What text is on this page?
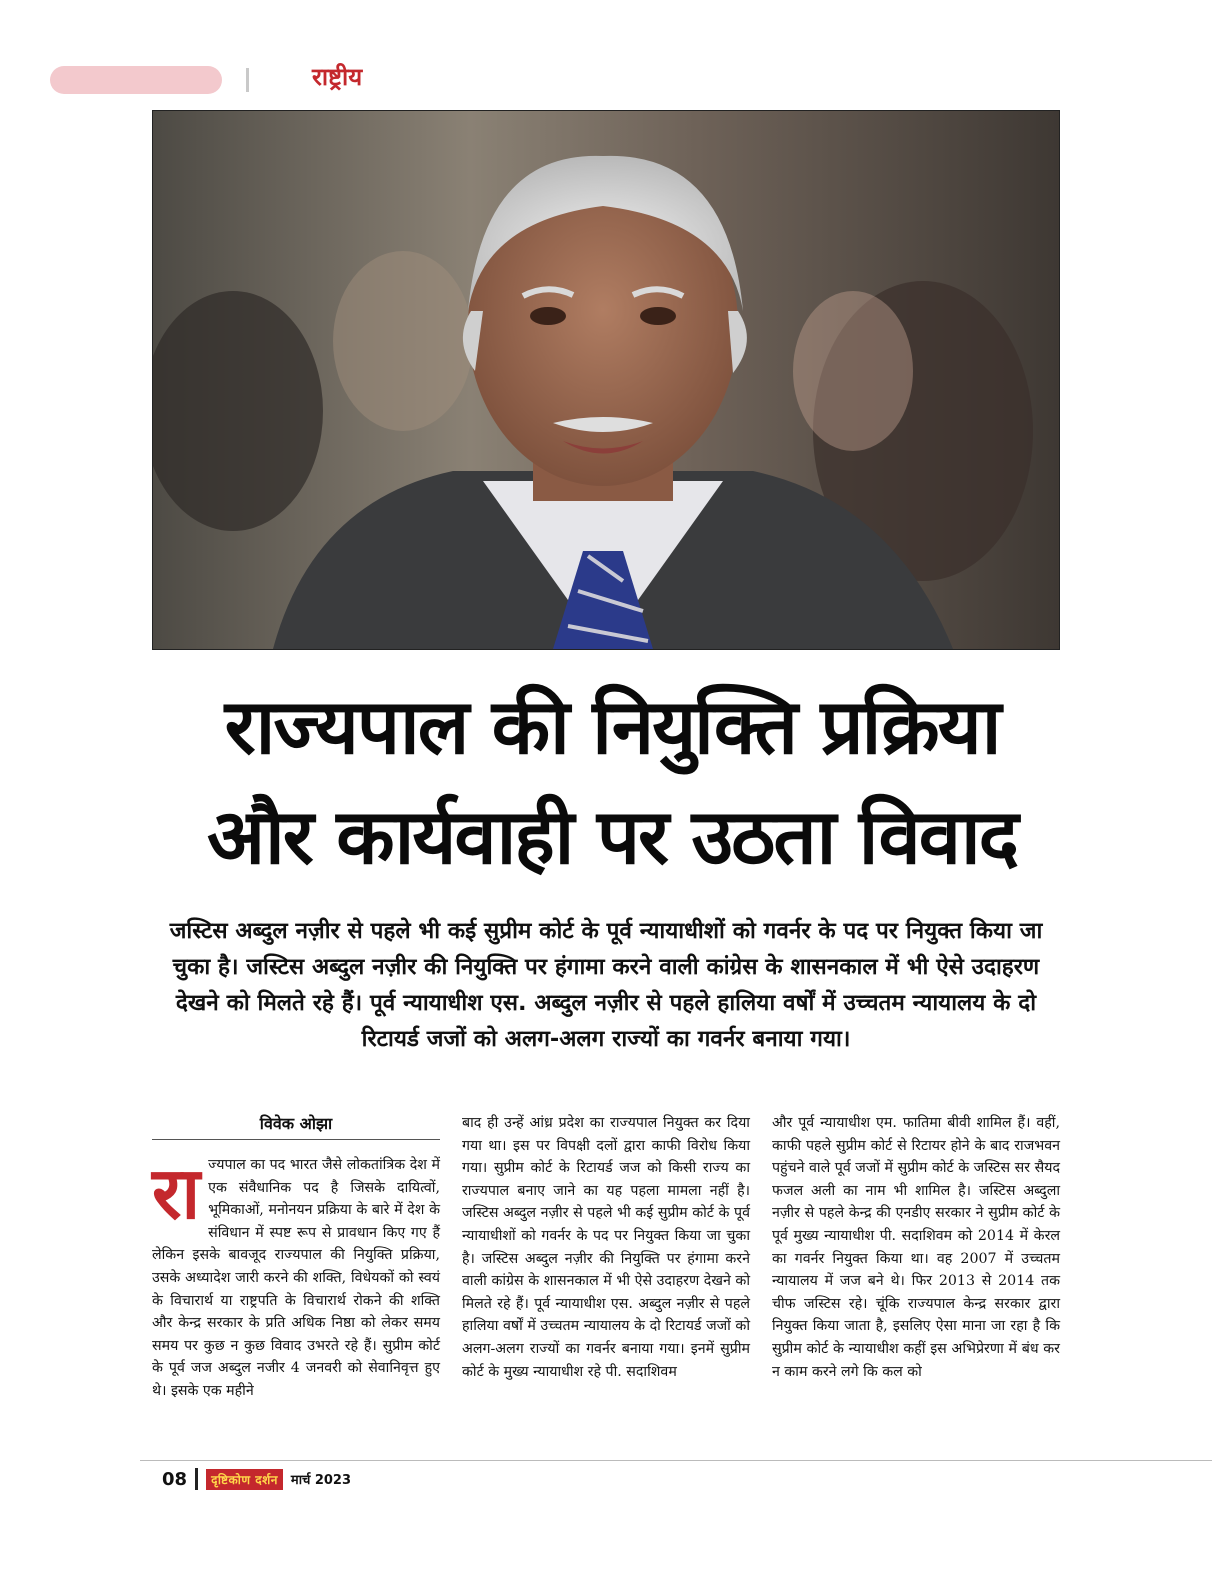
राष्ट्रीय
राज्यपाल की नियुक्ति प्रक्रिया
और कार्यवाही पर उठता विवाद

जस्टिस अब्दुल नज़ीर से पहले भी कई सुप्रीम कोर्ट के पूर्व न्यायाधीशों को गवर्नर के पद पर नियुक्त किया जा चुका है। जस्टिस अब्दुल नज़ीर की नियुक्ति पर हंगामा करने वाली कांग्रेस के शासनकाल में भी ऐसे उदाहरण देखने को मिलते रहे हैं। पूर्व न्यायाधीश एस. अब्दुल नज़ीर से पहले हालिया वर्षों में उच्चतम न्यायालय के दो रिटायर्ड जजों को अलग-अलग राज्यों का गवर्नर बनाया गया।

विवेक ओझा
रा ज्यपाल का पद भारत जैसे लोकतांत्रिक देश में एक संवैधानिक पद है जिसके दायित्वों, भूमिकाओं, मनोनयन प्रक्रिया के बारे में देश के संविधान में स्पष्ट रूप से प्रावधान किए गए हैं लेकिन इसके बावजूद राज्यपाल की नियुक्ति प्रक्रिया, उसके अध्यादेश जारी करने की शक्ति, विधेयकों को स्वयं के विचारार्थ या राष्ट्रपति के विचारार्थ रोकने की शक्ति और केन्द्र सरकार के प्रति अधिक निष्ठा को लेकर समय समय पर कुछ न कुछ विवाद उभरते रहे हैं। सुप्रीम कोर्ट के पूर्व जज अब्दुल नजीर 4 जनवरी को सेवानिवृत्त हुए थे। इसके एक महीने

बाद ही उन्हें आंध्र प्रदेश का राज्यपाल नियुक्त कर दिया गया था। इस पर विपक्षी दलों द्वारा काफी विरोध किया गया। सुप्रीम कोर्ट के रिटायर्ड जज को किसी राज्य का राज्यपाल बनाए जाने का यह पहला मामला नहीं है। जस्टिस अब्दुल नज़ीर से पहले भी कई सुप्रीम कोर्ट के पूर्व न्यायाधीशों को गवर्नर के पद पर नियुक्त किया जा चुका है। जस्टिस अब्दुल नज़ीर की नियुक्ति पर हंगामा करने वाली कांग्रेस के शासनकाल में भी ऐसे उदाहरण देखने को मिलते रहे हैं। पूर्व न्यायाधीश एस. अब्दुल नज़ीर से पहले हालिया वर्षों में उच्चतम न्यायालय के दो रिटायर्ड जजों को अलग-अलग राज्यों का गवर्नर बनाया गया। इनमें सुप्रीम कोर्ट के मुख्य न्यायाधीश रहे पी. सदाशिवम

और पूर्व न्यायाधीश एम. फातिमा बीवी शामिल हैं। वहीं, काफी पहले सुप्रीम कोर्ट से रिटायर होने के बाद राजभवन पहुंचने वाले पूर्व जजों में सुप्रीम कोर्ट के जस्टिस सर सैयद फजल अली का नाम भी शामिल है। जस्टिस अब्दुला नज़ीर से पहले केन्द्र की एनडीए सरकार ने सुप्रीम कोर्ट के पूर्व मुख्य न्यायाधीश पी. सदाशिवम को 2014 में केरल का गवर्नर नियुक्त किया था। वह 2007 में उच्चतम न्यायालय में जज बने थे। फिर 2013 से 2014 तक चीफ जस्टिस रहे। चूंकि राज्यपाल केन्द्र सरकार द्वारा नियुक्त किया जाता है, इसलिए ऐसा माना जा रहा है कि सुप्रीम कोर्ट के न्यायाधीश कहीं इस अभिप्रेरणा में बंध कर न काम करने लगे कि कल को

08	दृष्टिकोण दर्शन	मार्च 2023
